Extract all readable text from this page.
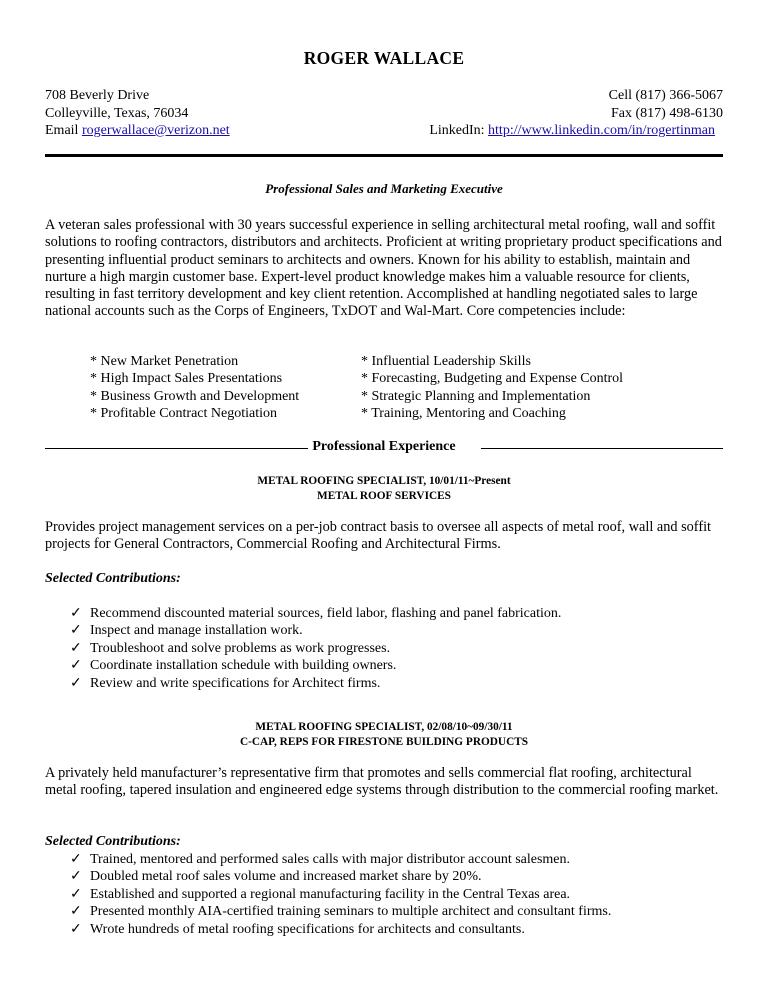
ROGER WALLACE
708 Beverly Drive	Cell (817) 366-5067
Colleyville, Texas, 76034	Fax (817) 498-6130
Email rogerwallace@verizon.net	LinkedIn: http://www.linkedin.com/in/rogertinman
Professional Sales and Marketing Executive
A veteran sales professional with 30 years successful experience in selling architectural metal roofing, wall and soffit solutions to roofing contractors, distributors and architects. Proficient at writing proprietary product specifications and presenting influential product seminars to architects and owners. Known for his ability to establish, maintain and nurture a high margin customer base. Expert-level product knowledge makes him a valuable resource for clients, resulting in fast territory development and key client retention. Accomplished at handling negotiated sales to large national accounts such as the Corps of Engineers, TxDOT and Wal-Mart. Core competencies include:
* New Market Penetration
* High Impact Sales Presentations
* Business Growth and Development
* Profitable Contract Negotiation
* Influential Leadership Skills
* Forecasting, Budgeting and Expense Control
* Strategic Planning and Implementation
* Training, Mentoring and Coaching
Professional Experience
METAL ROOFING SPECIALIST, 10/01/11~Present
METAL ROOF SERVICES
Provides project management services on a per-job contract basis to oversee all aspects of metal roof, wall and soffit projects for General Contractors, Commercial Roofing and Architectural Firms.
Selected Contributions:
✓ Recommend discounted material sources, field labor, flashing and panel fabrication.
✓ Inspect and manage installation work.
✓ Troubleshoot and solve problems as work progresses.
✓ Coordinate installation schedule with building owners.
✓ Review and write specifications for Architect firms.
METAL ROOFING SPECIALIST, 02/08/10~09/30/11
C-CAP, REPS FOR FIRESTONE BUILDING PRODUCTS
A privately held manufacturer’s representative firm that promotes and sells commercial flat roofing, architectural metal roofing, tapered insulation and engineered edge systems through distribution to the commercial roofing market.
Selected Contributions:
✓ Trained, mentored and performed sales calls with major distributor account salesmen.
✓ Doubled metal roof sales volume and increased market share by 20%.
✓ Established and supported a regional manufacturing facility in the Central Texas area.
✓ Presented monthly AIA-certified training seminars to multiple architect and consultant firms.
✓ Wrote hundreds of metal roofing specifications for architects and consultants.
